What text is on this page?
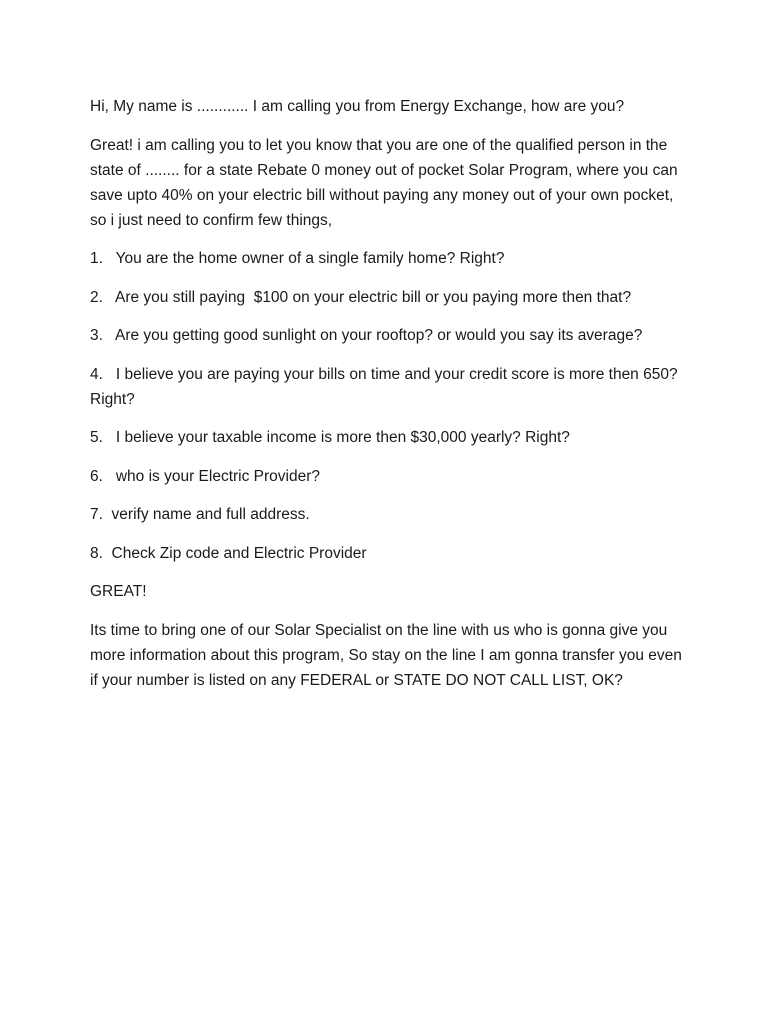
Hi, My name is ............ I am calling you from Energy Exchange, how are you?

Great! i am calling you to let you know that you are one of the qualified person in the state of ........ for a state Rebate 0 money out of pocket Solar Program, where you can save upto 40% on your electric bill without paying any money out of your own pocket, so i just need to confirm few things,

1.   You are the home owner of a single family home? Right?

2.   Are you still paying  $100 on your electric bill or you paying more then that?

3.   Are you getting good sunlight on your rooftop? or would you say its average?

4.   I believe you are paying your bills on time and your credit score is more then 650? Right?

5.   I believe your taxable income is more then $30,000 yearly? Right?

6.   who is your Electric Provider?

7.  verify name and full address.

8.  Check Zip code and Electric Provider

GREAT!

Its time to bring one of our Solar Specialist on the line with us who is gonna give you more information about this program, So stay on the line I am gonna transfer you even if your number is listed on any FEDERAL or STATE DO NOT CALL LIST, OK?
